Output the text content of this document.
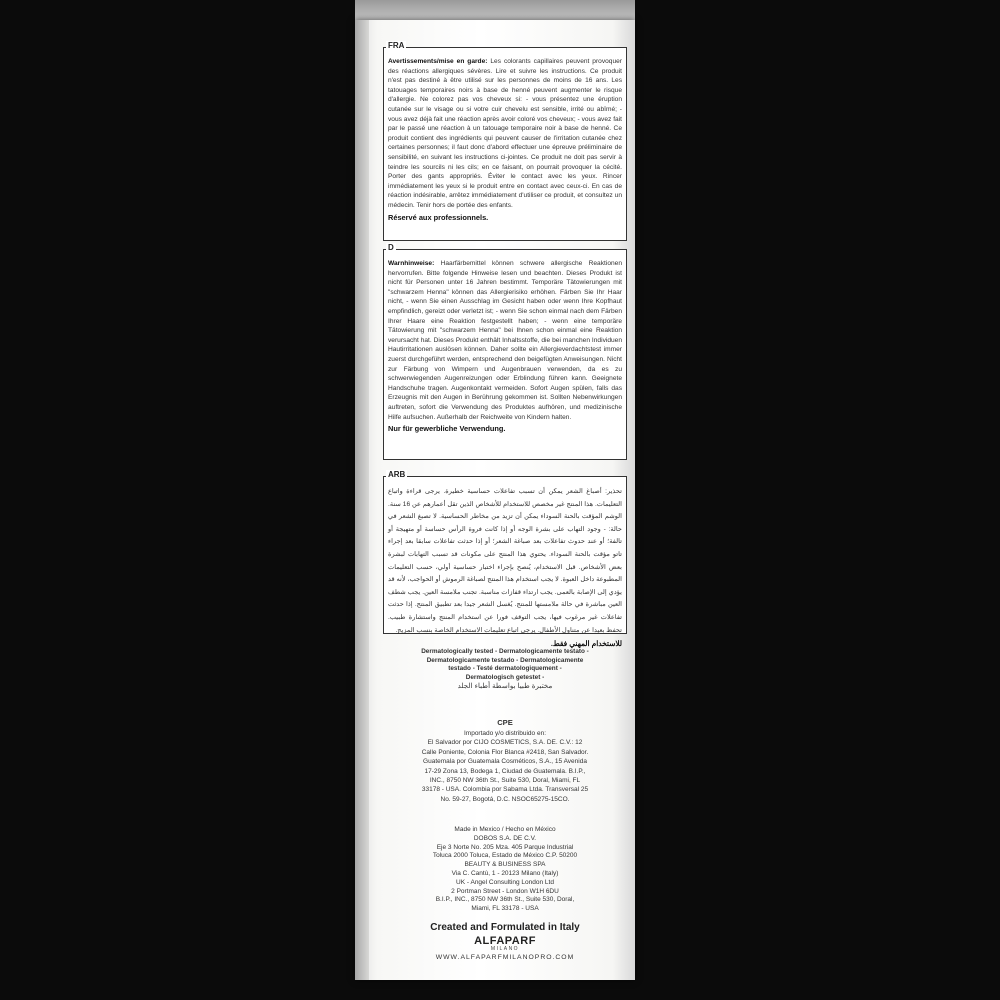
FRA

Avertissements/mise en garde: Les colorants capillaires peuvent provoquer des réactions allergiques sévères. Lire et suivre les instructions. Ce produit n'est pas destiné à être utilisé sur les personnes de moins de 16 ans. Les tatouages temporaires noirs à base de henné peuvent augmenter le risque d'allergie. Ne colorez pas vos cheveux si: - vous présentez une éruption cutanée sur le visage ou si votre cuir chevelu est sensible, irrité ou abîmé; - vous avez déjà fait une réaction après avoir coloré vos cheveux; - vous avez fait par le passé une réaction à un tatouage temporaire noir à base de henné. Ce produit contient des ingrédients qui peuvent causer de l'irritation cutanée chez certaines personnes; il faut donc d'abord effectuer une épreuve préliminaire de sensibilité, en suivant les instructions ci-jointes. Ce produit ne doit pas servir à teindre les sourcils ni les cils; en ce faisant, on pourrait provoquer la cécité. Porter des gants appropriés. Éviter le contact avec les yeux. Rincer immédiatement les yeux si le produit entre en contact avec ceux-ci. En cas de réaction indésirable, arrêtez immédiatement d'utiliser ce produit, et consultez un médecin. Tenir hors de portée des enfants.

Réservé aux professionnels.

D

Warnhinweise: Haarfärbemittel können schwere allergische Reaktionen hervorrufen. Bitte folgende Hinweise lesen und beachten. Dieses Produkt ist nicht für Personen unter 16 Jahren bestimmt. Temporäre Tätowierungen mit "schwarzem Henna" können das Allergierisiko erhöhen. Färben Sie Ihr Haar nicht, - wenn Sie einen Ausschlag im Gesicht haben oder wenn Ihre Kopfhaut empfindlich, gereizt oder verletzt ist; - wenn Sie schon einmal nach dem Färben Ihrer Haare eine Reaktion festgestellt haben; - wenn eine temporäre Tätowierung mit "schwarzem Henna" bei Ihnen schon einmal eine Reaktion verursacht hat. Dieses Produkt enthält Inhaltsstoffe, die bei manchen Individuen Hautirritationen auslösen können. Daher sollte ein Allergieverdachtstest immer zuerst durchgeführt werden, entsprechend den beigefügten Anweisungen. Nicht zur Färbung von Wimpern und Augenbrauen verwenden, da es zu schwerwiegenden Augenreizungen oder Erblindung führen kann. Geeignete Handschuhe tragen. Augenkontakt vermeiden. Sofort Augen spülen, falls das Erzeugnis mit den Augen in Berührung gekommen ist. Sollten Nebenwirkungen auftreten, sofort die Verwendung des Produktes aufhören, und medizinische Hilfe aufsuchen. Außerhalb der Reichweite von Kindern halten.

Nur für gewerbliche Verwendung.

ARB

تحذير: أصباغ الشعر يمكن أن تسبب تفاعلات حساسية خطيرة. يرجى قراءة واتباع التعليمات. هذا المنتج غير مخصص للاستخدام للأشخاص الذين تقل أعمارهم عن 16 سنة. الوشم المؤقت بالحنة السوداء يمكن أن تزيد من مخاطر الحساسية. لا تصبغ الشعر في حالة: - وجود التهاب على بشرة الوجه أو إذا كانت فروة الرأس حساسة أو متهيجة أو تالفة؛ أو عند حدوث تفاعلات بعد صباغة الشعر؛ أو إذا حدثت تفاعلات سابقا بعد إجراء تاتو مؤقت بالحنة السوداء. يحتوي هذا المنتج على مكونات قد تسبب التهابات لبشرة بعض الأشخاص. قبل الاستخدام، يُنصح بإجراء اختبار حساسية أولي، حسب التعليمات المطبوعة داخل العبوة. لا يجب استخدام هذا المنتج لصباغة الرموش أو الحواجب، لأنه قد يؤدي إلى الإصابة بالعمى. يجب ارتداء قفازات مناسبة. تجنب ملامسة العين. يجب شطف العين مباشرة في حالة ملامستها للمنتج. يُغسل الشعر جيدا بعد تطبيق المنتج. إذا حدثت تفاعلات غير مرغوب فيها، يجب التوقف فورا عن استخدام المنتج واستشارة طبيب. تحفظ بعيدا عن متناول الأطفال. يرجى اتباع تعليمات الاستخدام الخاصة بنسب المزيج.

للاستخدام المهني فقط.

Dermatologically tested - Dermatologicamente testato -
Dermatologicamente testado - Dermatologicamente
testado - Testé dermatologiquement -
Dermatologisch getestet -
مختبرة طبيا بواسطة أطباء الجلد
CPE
Importado y/o distribuido en:
El Salvador por CIJO COSMETICS, S.A. DE. C.V.: 12
Calle Poniente, Colonia Flor Blanca #2418, San Salvador.
Guatemala por Guatemala Cosméticos, S.A., 15 Avenida
17-29 Zona 13, Bodega 1, Ciudad de Guatemala. B.I.P.,
INC., 8750 NW 36th St., Suite 530, Doral, Miami, FL
33178 - USA. Colombia por Sabama Ltda. Transversal 25
No. 59-27, Bogotá, D.C. NSOC65275-15CO.
Made in Mexico / Hecho en México
DOBOS S.A. DE C.V.
Eje 3 Norte No. 205 Mza. 405 Parque Industrial
Toluca 2000 Toluca, Estado de México C.P. 50200
BEAUTY & BUSINESS SPA
Via C. Cantù, 1 - 20123 Milano (Italy)
UK - Angel Consulting London Ltd
2 Portman Street - London W1H 6DU
B.I.P., INC., 8750 NW 36th St., Suite 530, Doral,
Miami, FL 33178 - USA
Created and Formulated in Italy
ALFAPARF
MILANO
WWW.ALFAPARFMILANOPRO.COM
